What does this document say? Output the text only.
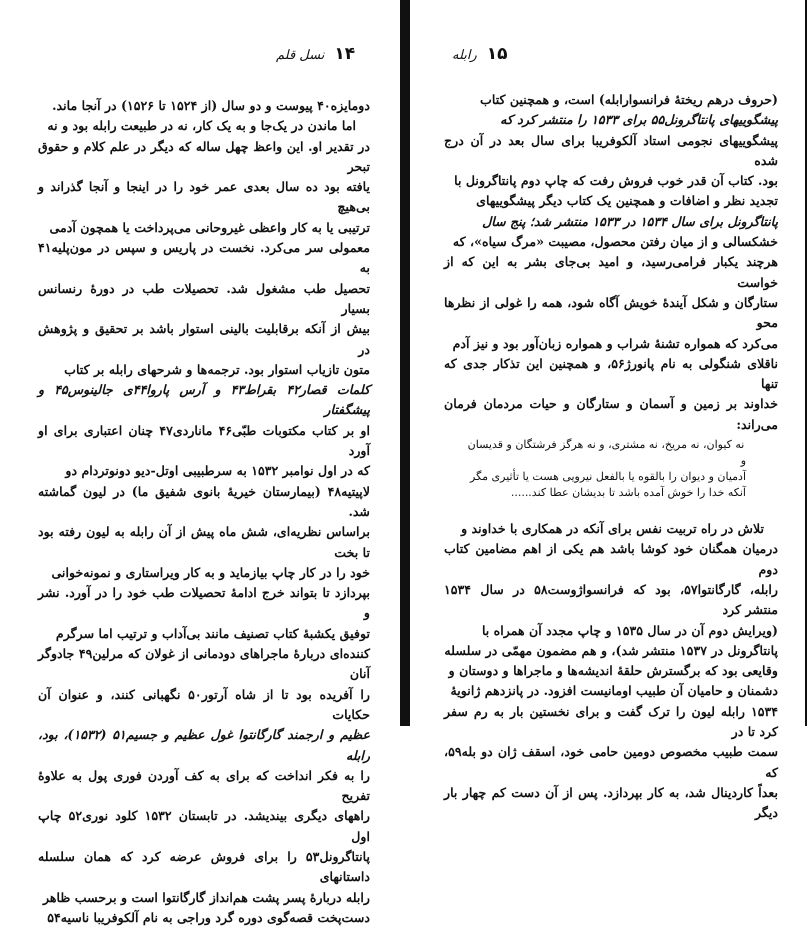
۱۴
نسل قلم
دومایزه۴۰ پیوست و دو سال (از ۱۵۲۴ تا ۱۵۲۶) در آنجا ماند.
اما ماندن در یک‌جا و به یک کار، نه در طبیعت رابله بود و نه
در تقدیر او. این واعظ چهل ساله که دیگر در علم کلام و حقوق تبحر
یافته بود ده سال بعدی عمر خود را در اینجا و آنجا گذراند و بی‌هیچ
ترتیبی یا به کار واعظی غیروحانی می‌پرداخت یا همچون آدمی
معمولی سر می‌کرد. نخست در پاریس و سپس در مون‌پلیه۴۱ به
تحصیل طب مشغول شد. تحصیلات طب در دورهٔ رنسانس بسیار
بیش از آنکه برقابلیت بالینی استوار باشد بر تحقیق و پژوهش در
متون تازیاب استوار بود. ترجمه‌ها و شرحهای رابله بر کتاب
کلمات قصار۴۲ بقراط۴۳ و آرس پاروا۴۴ی جالینوس۴۵ و پیشگفتار
او بر کتاب مکتوبات طبّی۴۶ ماناردی۴۷ چنان اعتباری برای او آورد
که در اول نوامبر ۱۵۳۲ به سرطبیبی اوتل-دیو دونوتردام دو
لاپیتیه۴۸ (بیمارستان خیریهٔ بانوی شفیق ما) در لیون گماشته شد.
براساس نظریه‌ای، شش ماه پیش از آن رابله به لیون رفته بود تا بخت
خود را در کار چاپ بیازماید و به کار ویراستاری و نمونه‌خوانی
بپردازد تا بتواند خرج ادامهٔ تحصیلات طب خود را در آورد. نشر و
توفیق یکشبهٔ کتاب تصنیف مانند بی‌آداب و ترتیب اما سرگرم
کننده‌ای دربارهٔ ماجراهای دودمانی از غولان که مرلین۴۹ جادوگر آنان
را آفریده بود تا از شاه آرتور۵۰ نگهبانی کنند، و عنوان آن حکایات
عظیم و ارجمند گارگانتوا غول عظیم و جسیم۵۱ (۱۵۳۲)، بود، رابله
را به فکر انداخت که برای به کف آوردن فوری پول به علاوهٔ تفریح
راههای دیگری بیندیشد. در تابستان ۱۵۳۲ کلود نوری۵۲ چاپ اول
پانتاگرونل۵۳ را برای فروش عرضه کرد که همان سلسله داستانهای
رابله دربارهٔ پسر پشت هم‌انداز گارگانتوا است و برحسب ظاهر
دست‌پخت قصه‌گوی دوره گرد وراجی به نام آلکوفریبا ناسیه۵۴
۱۵
رابله
(حروف درهم ریختهٔ فرانسوارابله) است، و همچنین کتاب
پیشگوییهای پانتاگرونل۵۵ برای ۱۵۳۳ را منتشر کرد که
پیشگوییهای نجومی استاد آلکوفریبا برای سال بعد در آن درج شده
بود. کتاب آن قدر خوب فروش رفت که چاپ دوم پانتاگرونل با
تجدید نظر و اضافات و همچنین یک کتاب دیگر پیشگوییهای
پانتاگرونل برای سال ۱۵۳۴ در ۱۵۳۳ منتشر شد؛ پنج سال
خشکسالی و از میان رفتن محصول، مصیبت «مرگ سیاه»، که
هرچند یکبار فرامی‌رسید، و امید بی‌جای بشر به این که از خواست
ستارگان و شکل آیندهٔ خویش آگاه شود، همه را غولی از نظرها محو
می‌کرد که همواره تشنهٔ شراب و همواره زبان‌آور بود و نیز آدم
ناقلای شنگولی به نام پانورژ۵۶، و همچنین این تذکار جدی که تنها
خداوند بر زمین و آسمان و ستارگان و حیات مردمان فرمان می‌راند:
نه کیوان، نه مریخ، نه مشتری، و نه هرگز فرشتگان و قدیسان و
آدمیان و دیوان را بالقوه یا بالفعل نیرویی هست یا تأثیری مگر
آنکه خدا را خوش آمده باشد تا بدیشان عطا کند......
تلاش در راه تربیت نفس برای آنکه در همکاری با خداوند و
درمیان همگنان خود کوشا باشد هم یکی از اهم مضامین کتاب دوم
رابله، گارگانتوا۵۷، بود که فرانسواژوست۵۸ در سال ۱۵۳۴ منتشر کرد
(ویرایش دوم آن در سال ۱۵۳۵ و چاپ مجدد آن همراه با
پانتاگرونل در ۱۵۳۷ منتشر شد)، و هم مضمون مهمّی در سلسله
وقایعی بود که برگسترش حلقهٔ اندیشه‌ها و ماجراها و دوستان و
دشمنان و حامیان آن طبیب اومانیست افزود. در پانزدهم ژانویهٔ
۱۵۳۴ رابله لیون را ترک گفت و برای نخستین بار به رم سفر کرد تا در
سمت طبیب مخصوص دومین حامی خود، اسقف ژان دو بله۵۹، که
بعداً کاردینال شد، به کار بپردازد. پس از آن دست کم چهار بار دیگر
